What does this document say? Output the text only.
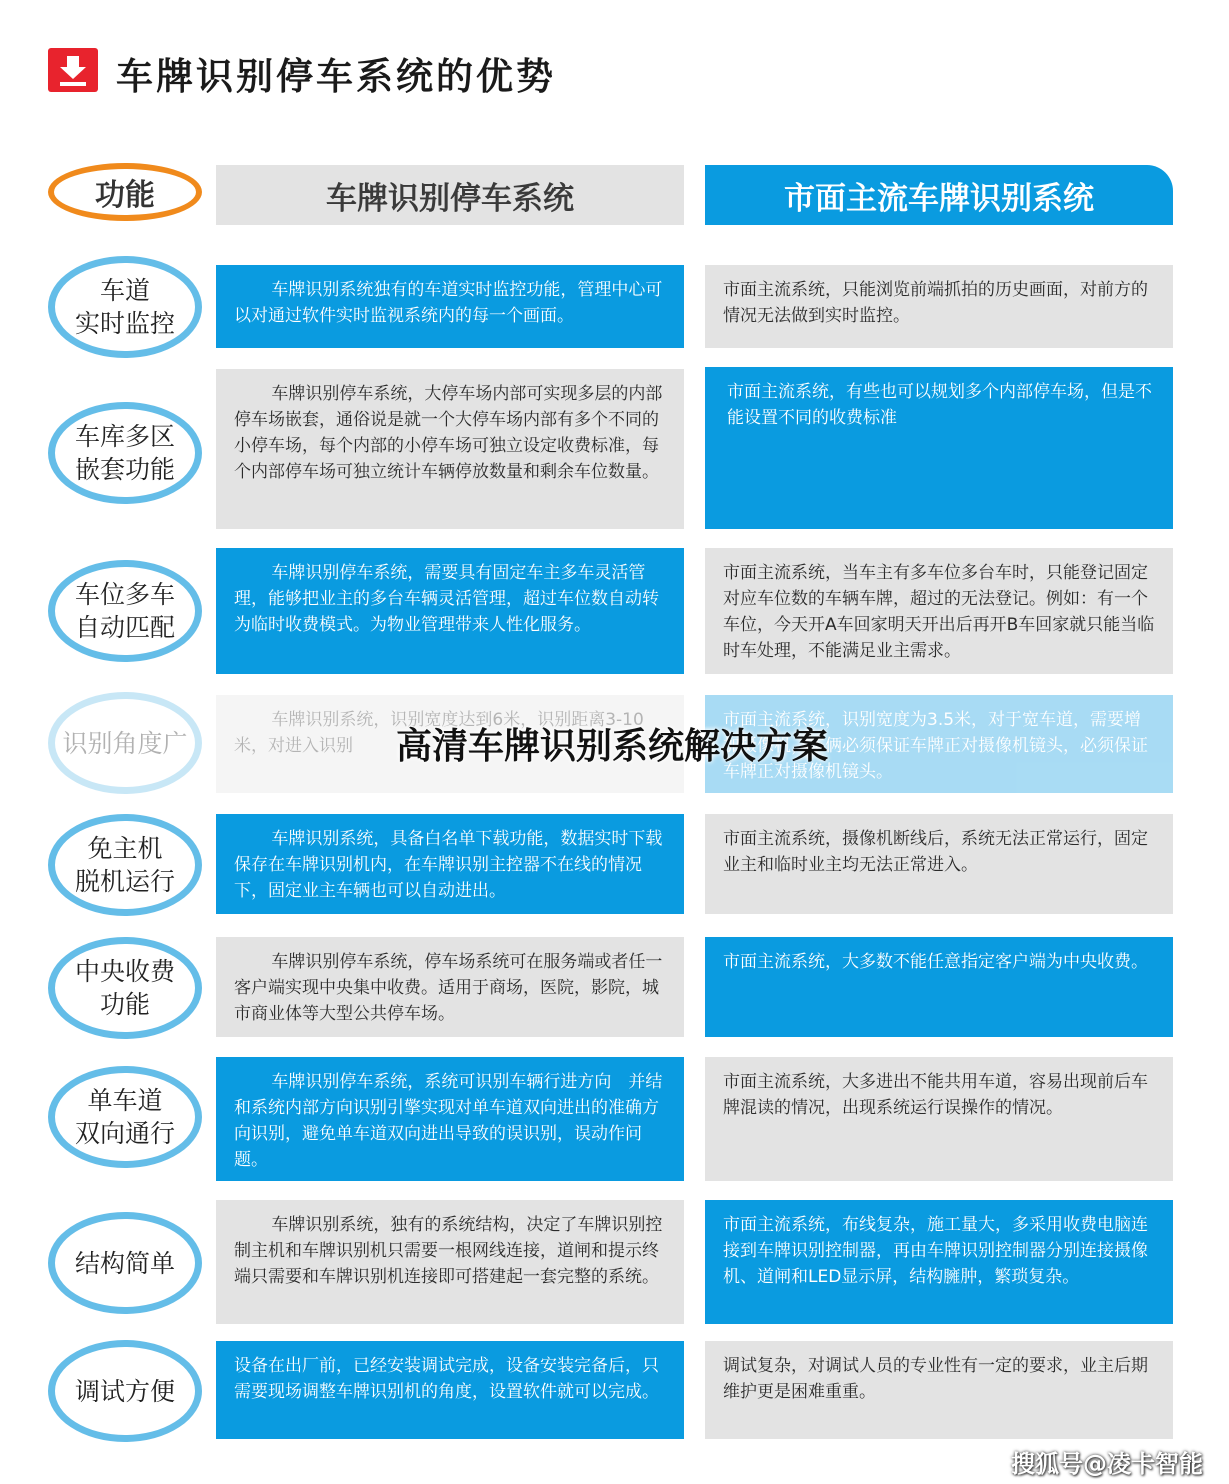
车牌识别停车系统的优势
功能	车牌识别停车系统	市面主流车牌识别系统
车道
实时监控
车牌识别系统独有的车道实时监控功能，管理中心可以对通过软件实时监视系统内的每一个画面。
市面主流系统，只能浏览前端抓拍的历史画面，对前方的情况无法做到实时监控。
车库多区
嵌套功能
车牌识别停车系统，大停车场内部可实现多层的内部停车场嵌套，通俗说是就一个大停车场内部有多个不同的小停车场，每个内部的小停车场可独立设定收费标准，每个内部停车场可独立统计车辆停放数量和剩余车位数量。
市面主流系统，有些也可以规划多个内部停车场，但是不能设置不同的收费标准
车位多车
自动匹配
车牌识别停车系统，需要具有固定车主多车灵活管理，能够把业主的多台车辆灵活管理，超过车位数自动转为临时收费模式。为物业管理带来人性化服务。
市面主流系统，当车主有多车位多台车时，只能登记固定对应车位数的车辆车牌，超过的无法登记。例如：有一个车位，今天开A车回家明天开出后再开B车回家就只能当临时车处理，不能满足业主需求。
识别角度广
车牌识别系统，识别宽度达到6米，识别距离3-10米，对进入识别
市面主流系统，识别宽度为3.5米，对于宽车道，需要增加摄像机，车俩必须保证车牌正对摄像机镜头，必须保证车牌正对摄像机镜头。
高清车牌识别系统解决方案
免主机
脱机运行
车牌识别系统，具备白名单下载功能，数据实时下载保存在车牌识别机内，在车牌识别主控器不在线的情况下，固定业主车辆也可以自动进出。
市面主流系统，摄像机断线后，系统无法正常运行，固定业主和临时业主均无法正常进入。
中央收费
功能
车牌识别停车系统，停车场系统可在服务端或者任一客户端实现中央集中收费。适用于商场，医院，影院，城市商业体等大型公共停车场。
市面主流系统，大多数不能任意指定客户端为中央收费。
单车道
双向通行
车牌识别停车系统，系统可识别车辆行进方向　并结和系统内部方向识别引擎实现对单车道双向进出的准确方向识别，避免单车道双向进出导致的误识别，误动作问题。
市面主流系统，大多进出不能共用车道，容易出现前后车牌混读的情况，出现系统运行误操作的情况。
结构简单
车牌识别系统，独有的系统结构，决定了车牌识别控制主机和车牌识别机只需要一根网线连接，道闸和提示终端只需要和车牌识别机连接即可搭建起一套完整的系统。
市面主流系统，布线复杂，施工量大，多采用收费电脑连接到车牌识别控制器，再由车牌识别控制器分别连接摄像机、道闸和LED显示屏，结构臃肿，繁琐复杂。
调试方便
设备在出厂前，已经安装调试完成，设备安装完备后，只需要现场调整车牌识别机的角度，设置软件就可以完成。
调试复杂，对调试人员的专业性有一定的要求，业主后期维护更是困难重重。
搜狐号@凌卡智能
